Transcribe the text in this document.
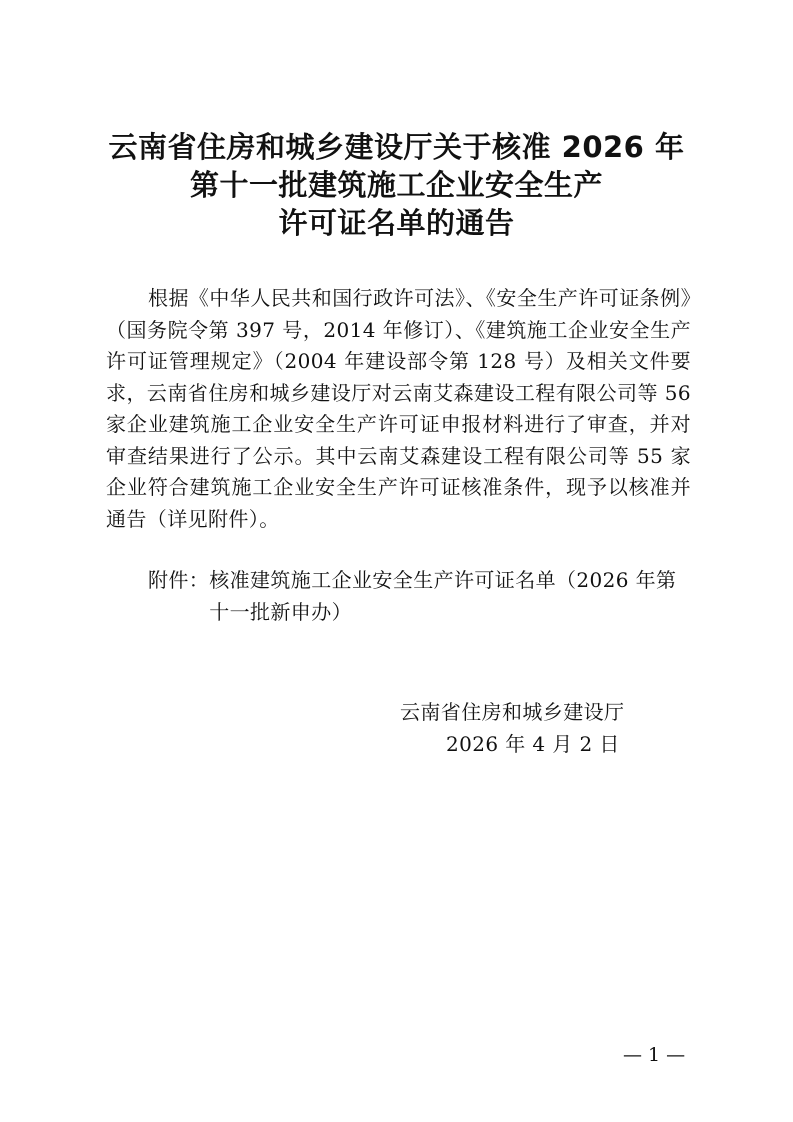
云南省住房和城乡建设厅关于核准 2026 年
第十一批建筑施工企业安全生产
许可证名单的通告
根据《中华人民共和国行政许可法》、《安全生产许可证条例》（国务院令第 397 号，2014 年修订）、《建筑施工企业安全生产许可证管理规定》（2004 年建设部令第 128 号）及相关文件要求，云南省住房和城乡建设厅对云南艾森建设工程有限公司等 56 家企业建筑施工企业安全生产许可证申报材料进行了审查，并对审查结果进行了公示。其中云南艾森建设工程有限公司等 55 家企业符合建筑施工企业安全生产许可证核准条件，现予以核准并通告（详见附件）。
附件： 核准建筑施工企业安全生产许可证名单（2026 年第十一批新申办）
云南省住房和城乡建设厅
2026 年 4 月 2 日
— 1 —
